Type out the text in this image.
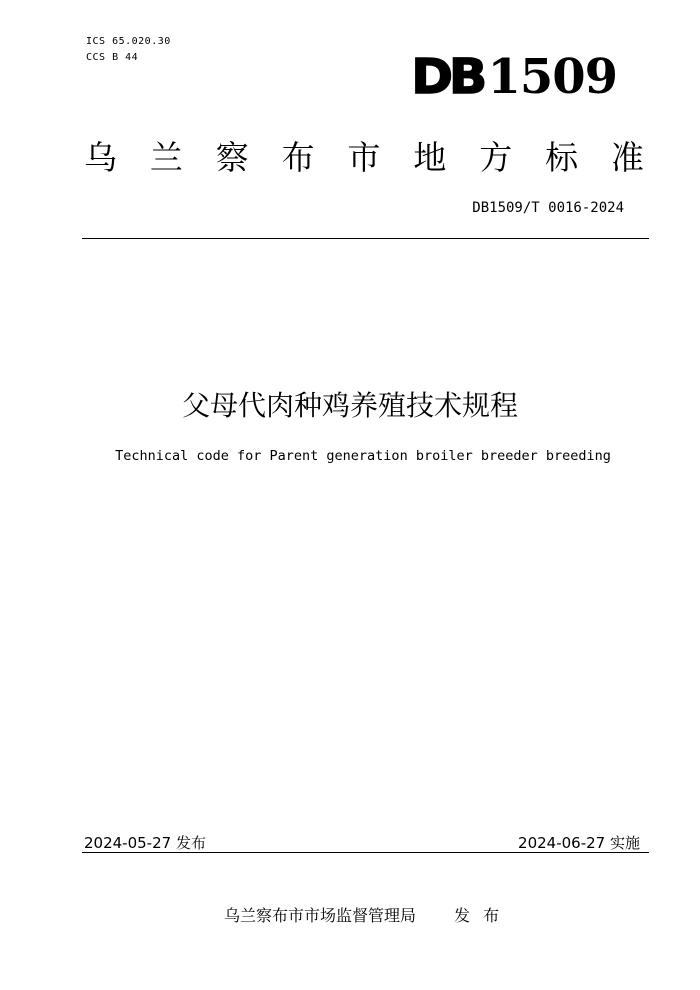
ICS 65.020.30
CCS B 44	DB 1509
乌 兰 察 布 市 地 方 标 准
DB1509/T 0016-2024
父母代肉种鸡养殖技术规程
Technical code for Parent generation broiler breeder breeding
2024-05-27 发布	2024-06-27 实施
乌兰察布市市场监督管理局 发 布
